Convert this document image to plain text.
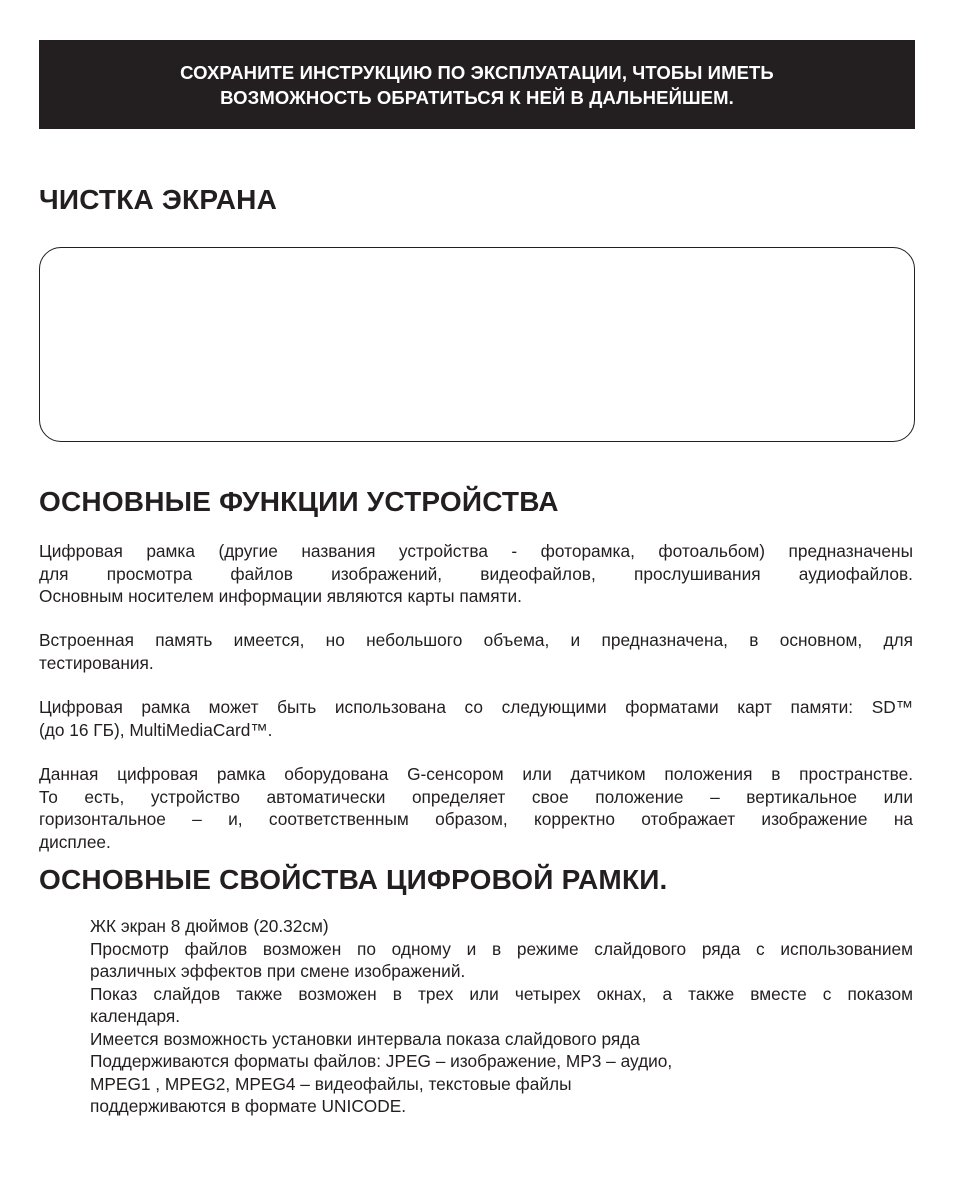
СОХРАНИТЕ ИНСТРУКЦИЮ ПО ЭКСПЛУАТАЦИИ, ЧТОБЫ ИМЕТЬ
ВОЗМОЖНОСТЬ ОБРАТИТЬСЯ К НЕЙ В ДАЛЬНЕЙШЕМ.
ЧИСТКА ЭКРАНА
ОСНОВНЫЕ ФУНКЦИИ УСТРОЙСТВА

Цифровая рамка (другие названия устройства - фоторамка, фотоальбом) предназначены
для просмотра файлов изображений, видеофайлов, прослушивания аудиофайлов.
Основным носителем информации являются карты памяти.

Встроенная память имеется, но небольшого объема, и предназначена, в основном, для
тестирования.

Цифровая рамка может быть использована со следующими форматами карт памяти: SD™
(до 16 ГБ), MultiMediaCard™.

Данная цифровая рамка оборудована G-сенсором или датчиком положения в пространстве.
То есть, устройство автоматически определяет свое положение – вертикальное или
горизонтальное – и, соответственным образом, корректно отображает изображение на
дисплее.

ОСНОВНЫЕ СВОЙСТВА ЦИФРОВОЙ РАМКИ.
ЖК экран 8 дюймов (20.32см)
Просмотр файлов возможен по одному и в режиме слайдового ряда с использованием
различных эффектов при смене изображений.
Показ слайдов также возможен в трех или четырех окнах, а также вместе с показом
календаря.
Имеется возможность установки интервала показа слайдового ряда
Поддерживаются форматы файлов: JPEG – изображение, MP3 – аудио,
MPEG1 , MPEG2, MPEG4 – видеофайлы, текстовые файлы
поддерживаются в формате UNICODE.
